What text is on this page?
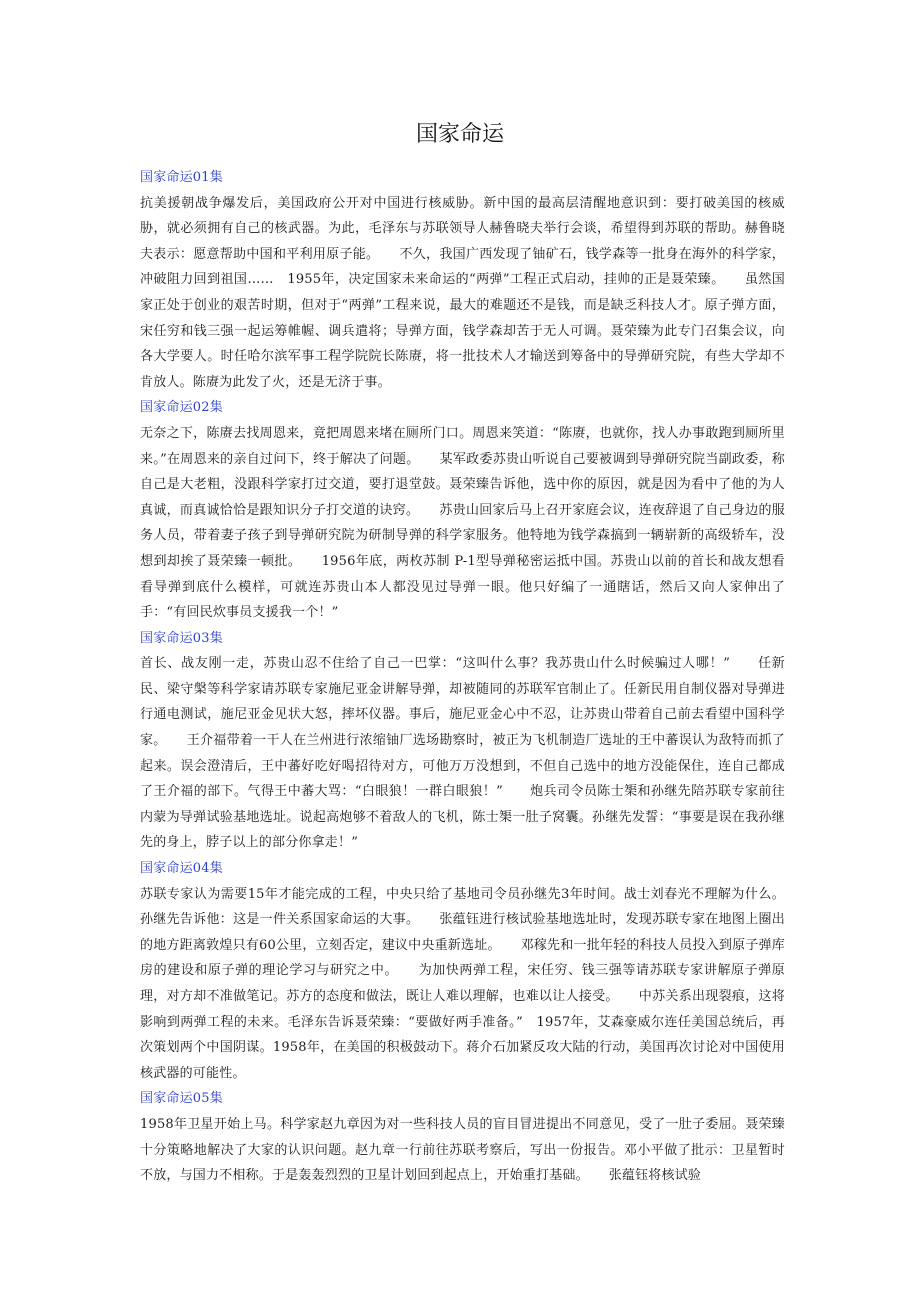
国家命运

国家命运01集

抗美援朝战争爆发后，美国政府公开对中国进行核威胁。新中国的最高层清醒地意识到：要打破美国的核威胁，就必须拥有自己的核武器。为此，毛泽东与苏联领导人赫鲁晓夫举行会谈，希望得到苏联的帮助。赫鲁晓夫表示：愿意帮助中国和平利用原子能。　　不久，我国广西发现了铀矿石，钱学森等一批身在海外的科学家，冲破阻力回到祖国……　1955年，决定国家未来命运的“两弹”工程正式启动，挂帅的正是聂荣臻。　　虽然国家正处于创业的艰苦时期，但对于“两弹”工程来说，最大的难题还不是钱，而是缺乏科技人才。原子弹方面，宋任穷和钱三强一起运筹帷幄、调兵遣将；导弹方面，钱学森却苦于无人可调。聂荣臻为此专门召集会议，向各大学要人。时任哈尔滨军事工程学院院长陈赓，将一批技术人才输送到筹备中的导弹研究院，有些大学却不肯放人。陈赓为此发了火，还是无济于事。

国家命运02集

无奈之下，陈赓去找周恩来，竟把周恩来堵在厕所门口。周恩来笑道：“陈赓，也就你，找人办事敢跑到厕所里来。”在周恩来的亲自过问下，终于解决了问题。　　某军政委苏贵山听说自己要被调到导弹研究院当副政委，称自己是大老粗，没跟科学家打过交道，要打退堂鼓。聂荣臻告诉他，选中你的原因，就是因为看中了他的为人真诚，而真诚恰恰是跟知识分子打交道的诀窍。　　苏贵山回家后马上召开家庭会议，连夜辞退了自己身边的服务人员，带着妻子孩子到导弹研究院为研制导弹的科学家服务。他特地为钱学森搞到一辆崭新的高级轿车，没想到却挨了聂荣臻一顿批。　　1956年底，两枚苏制 P-1型导弹秘密运抵中国。苏贵山以前的首长和战友想看看导弹到底什么模样，可就连苏贵山本人都没见过导弹一眼。他只好编了一通瞎话，然后又向人家伸出了手：“有回民炊事员支援我一个！”

国家命运03集

首长、战友刚一走，苏贵山忍不住给了自己一巴掌：“这叫什么事？我苏贵山什么时候骗过人哪！”　　任新民、梁守槃等科学家请苏联专家施尼亚金讲解导弹，却被随同的苏联军官制止了。任新民用自制仪器对导弹进行通电测试，施尼亚金见状大怒，摔坏仪器。事后，施尼亚金心中不忍，让苏贵山带着自己前去看望中国科学家。　　王介福带着一干人在兰州进行浓缩铀厂选场勘察时，被正为飞机制造厂选址的王中蕃误认为敌特而抓了起来。误会澄清后，王中蕃好吃好喝招待对方，可他万万没想到，不但自己选中的地方没能保住，连自己都成了王介福的部下。气得王中蕃大骂：“白眼狼！一群白眼狼！”　　炮兵司令员陈士榘和孙继先陪苏联专家前往内蒙为导弹试验基地选址。说起高炮够不着敌人的飞机，陈士榘一肚子窝囊。孙继先发誓：“事要是误在我孙继先的身上，脖子以上的部分你拿走！”

国家命运04集

苏联专家认为需要15年才能完成的工程，中央只给了基地司令员孙继先3年时间。战士刘春光不理解为什么。孙继先告诉他：这是一件关系国家命运的大事。　　张蕴钰进行核试验基地选址时，发现苏联专家在地图上圈出的地方距离敦煌只有60公里，立刻否定，建议中央重新选址。　　邓稼先和一批年轻的科技人员投入到原子弹库房的建设和原子弹的理论学习与研究之中。　　为加快两弹工程，宋任穷、钱三强等请苏联专家讲解原子弹原理，对方却不准做笔记。苏方的态度和做法，既让人难以理解，也难以让人接受。　　中苏关系出现裂痕，这将影响到两弹工程的未来。毛泽东告诉聂荣臻：“要做好两手准备。”　1957年，艾森豪威尔连任美国总统后，再次策划两个中国阴谋。1958年，在美国的积极鼓动下。蒋介石加紧反攻大陆的行动，美国再次讨论对中国使用核武器的可能性。

国家命运05集

1958年卫星开始上马。科学家赵九章因为对一些科技人员的盲目冒进提出不同意见，受了一肚子委屈。聂荣臻十分策略地解决了大家的认识问题。赵九章一行前往苏联考察后，写出一份报告。邓小平做了批示：卫星暂时不放，与国力不相称。于是轰轰烈烈的卫星计划回到起点上，开始重打基础。　　张蕴钰将核试验
